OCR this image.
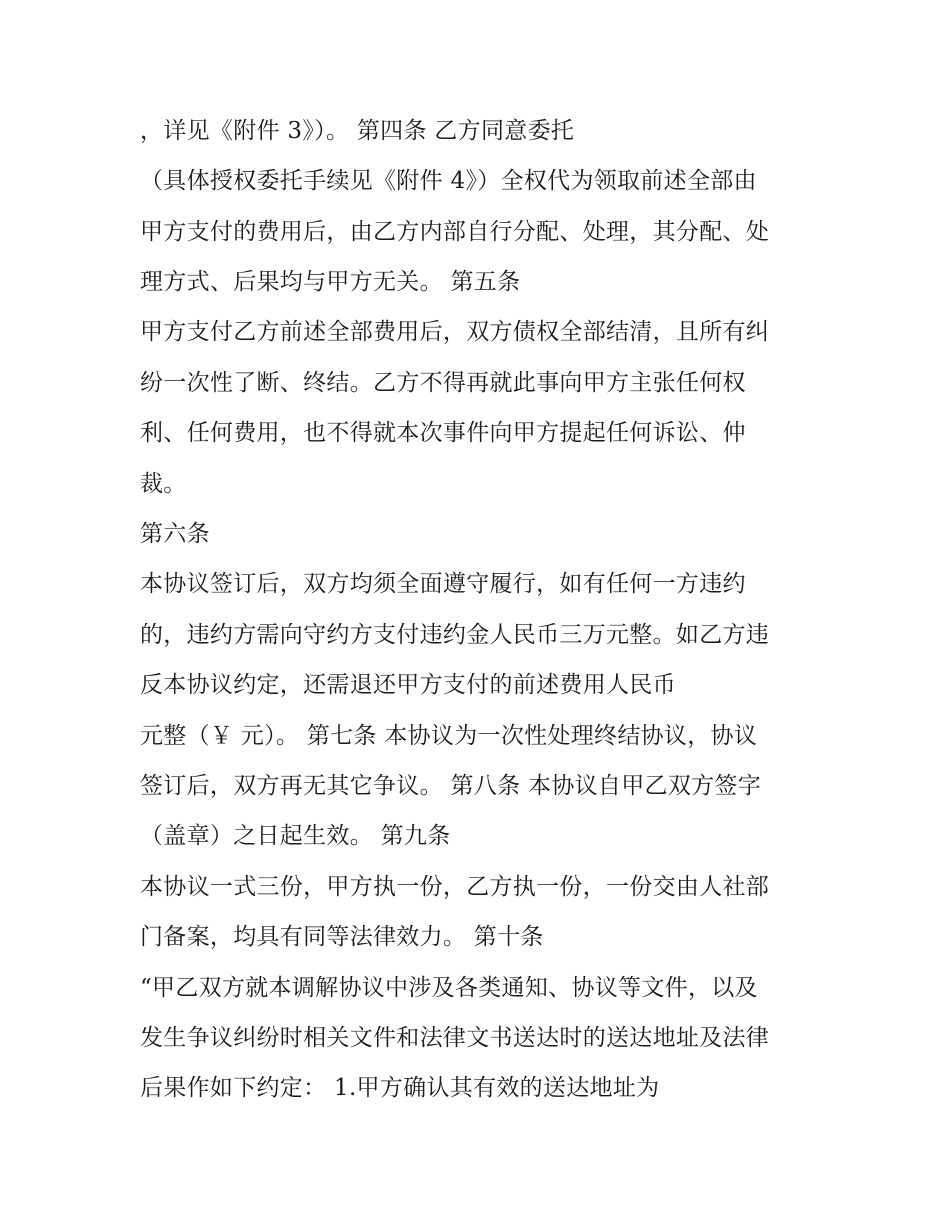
，详见《附件 3》）。 第四条 乙方同意委托
（具体授权委托手续见《附件 4》）全权代为领取前述全部由
甲方支付的费用后，由乙方内部自行分配、处理，其分配、处
理方式、后果均与甲方无关。 第五条
甲方支付乙方前述全部费用后，双方债权全部结清，且所有纠
纷一次性了断、终结。乙方不得再就此事向甲方主张任何权
利、任何费用，也不得就本次事件向甲方提起任何诉讼、仲
裁。
第六条
本协议签订后，双方均须全面遵守履行，如有任何一方违约
的，违约方需向守约方支付违约金人民币三万元整。如乙方违
反本协议约定，还需退还甲方支付的前述费用人民币
元整（￥ 元）。 第七条 本协议为一次性处理终结协议，协议
签订后，双方再无其它争议。 第八条 本协议自甲乙双方签字
（盖章）之日起生效。 第九条
本协议一式三份，甲方执一份，乙方执一份，一份交由人社部
门备案，均具有同等法律效力。 第十条
“甲乙双方就本调解协议中涉及各类通知、协议等文件，以及
发生争议纠纷时相关文件和法律文书送达时的送达地址及法律
后果作如下约定： 1.甲方确认其有效的送达地址为
